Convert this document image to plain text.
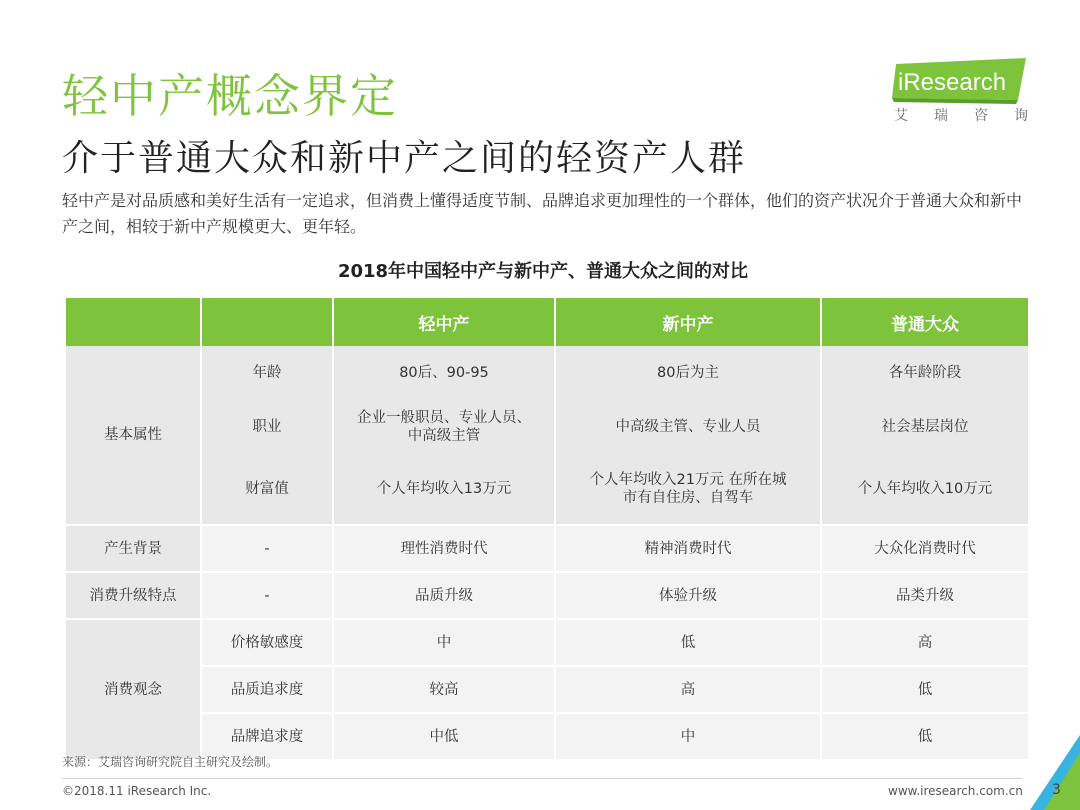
轻中产概念界定
介于普通大众和新中产之间的轻资产人群
iResearch
艾 瑞 咨 询
轻中产是对品质感和美好生活有一定追求，但消费上懂得适度节制、品牌追求更加理性的一个群体，他们的资产状况介于普通大众和新中产之间，相较于新中产规模更大、更年轻。
2018年中国轻中产与新中产、普通大众之间的对比
		轻中产	新中产	普通大众
基本属性	年龄	80后、90-95	80后为主	各年龄阶段
	职业	企业一般职员、专业人员、中高级主管	中高级主管、专业人员	社会基层岗位
	财富值	个人年均收入13万元	个人年均收入21万元 在所在城市有自住房、自驾车	个人年均收入10万元
产生背景	-	理性消费时代	精神消费时代	大众化消费时代
消费升级特点	-	品质升级	体验升级	品类升级
消费观念	价格敏感度	中	低	高
	品质追求度	较高	高	低
	品牌追求度	中低	中	低
来源：艾瑞咨询研究院自主研究及绘制。
©2018.11 iResearch Inc.	www.iresearch.com.cn 3
